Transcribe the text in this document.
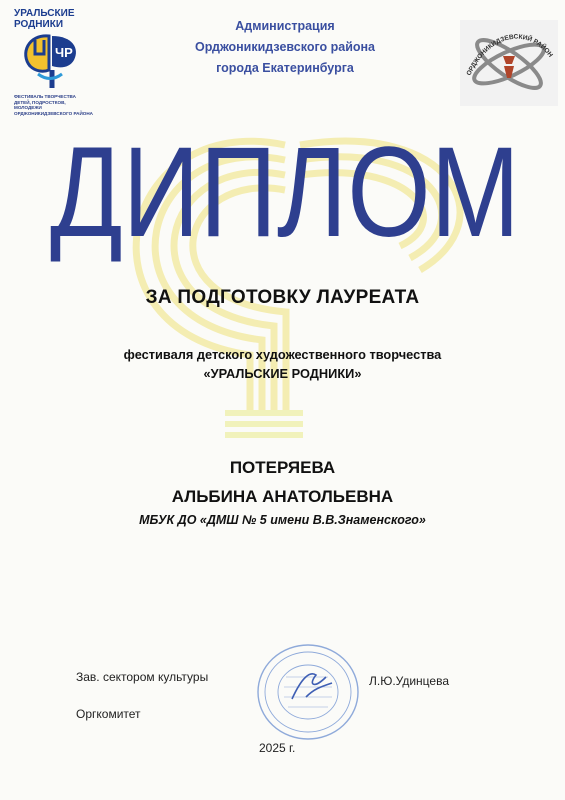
УРАЛЬСКИЕ
РОДНИКИ
ЧР
ФЕСТИВАЛЬ ТВОРЧЕСТВА
ДЕТЕЙ, ПОДРОСТКОВ, МОЛОДЕЖИ
ОРДЖОНИКИДЗЕВСКОГО РАЙОНА
Администрация
Орджоникидзевского района
города Екатеринбурга	ОРДЖОНИКИДЗЕВСКИЙ РАЙОН
ДИПЛОМ
ЗА ПОДГОТОВКУ ЛАУРЕАТА
фестиваля детского художественного творчества
«УРАЛЬСКИЕ РОДНИКИ»
ПОТЕРЯЕВА
АЛЬБИНА АНАТОЛЬЕВНА
МБУК ДО «ДМШ № 5 имени В.В.Знаменского»
Зав. сектором культуры
Оргкомитет
Л.Ю.Удинцева
2025 г.
